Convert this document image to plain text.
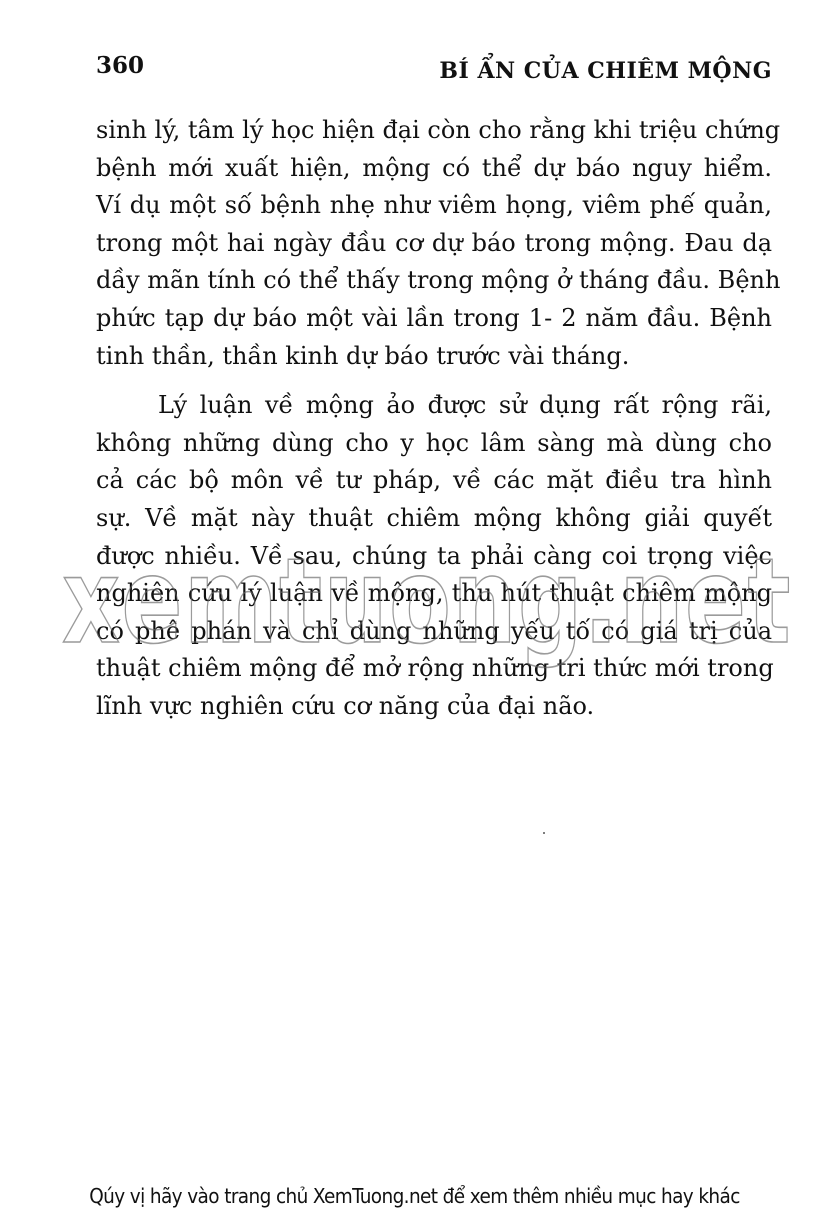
360	BÍ ẨN CỦA CHIÊM MỘNG
sinh lý, tâm lý học hiện đại còn cho rằng khi triệu chứng
bệnh mới xuất hiện, mộng có thể dự báo nguy hiểm.
Ví dụ một số bệnh nhẹ như viêm họng, viêm phế quản,
trong một hai ngày đầu cơ dự báo trong mộng. Đau dạ
dầy mãn tính có thể thấy trong mộng ở tháng đầu. Bệnh
phức tạp dự báo một vài lần trong 1- 2 năm đầu. Bệnh
tinh thần, thần kinh dự báo trước vài tháng.
Lý luận về mộng ảo được sử dụng rất rộng rãi,
không những dùng cho y học lâm sàng mà dùng cho
cả các bộ môn về tư pháp, về các mặt điều tra hình
sự. Về mặt này thuật chiêm mộng không giải quyết
được nhiều. Về sau, chúng ta phải càng coi trọng việc
nghiên cứu lý luận về mộng, thu hút thuật chiêm mộng
có phê phán và chỉ dùng những yếu tố có giá trị của
thuật chiêm mộng để mở rộng những tri thức mới trong
lĩnh vực nghiên cứu cơ năng của đại não.
xemtuong.net
Qúy vị hãy vào trang chủ XemTuong.net để xem thêm nhiều mục hay khác
